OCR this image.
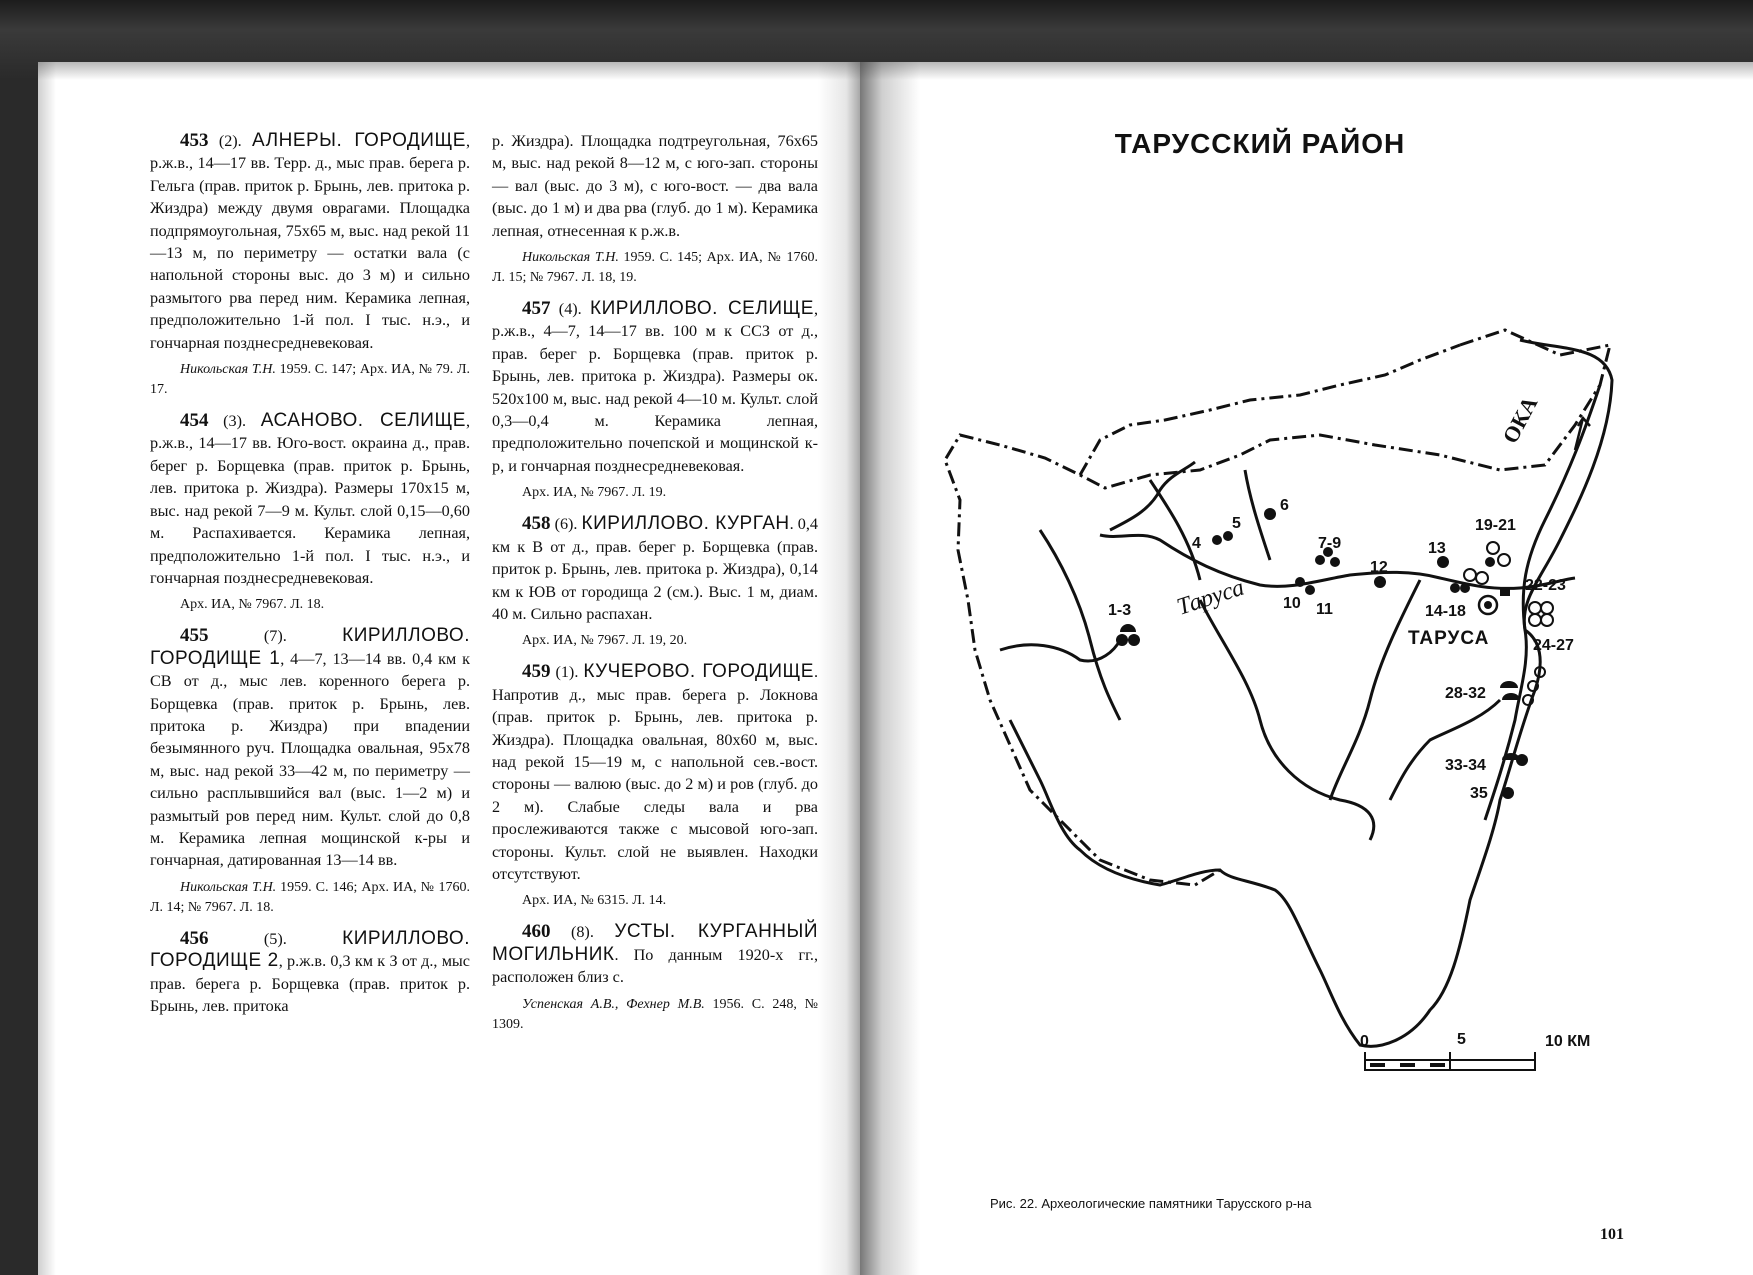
453 (2). АЛНЕРЫ. ГОРОДИЩЕ, р.ж.в., 14—17 вв. Терр. д., мыс прав. берега р. Гельга (прав. приток р. Брынь, лев. притока р. Жиздра) между двумя оврагами. Площадка подпрямоугольная, 75х65 м, выс. над рекой 11—13 м, по периметру — остатки вала (с напольной стороны выс. до 3 м) и сильно размытого рва перед ним. Керамика лепная, предположительно 1-й пол. I тыс. н.э., и гончарная позднесредневековая.
Никольская Т.Н. 1959. С. 147; Арх. ИА, № 79. Л. 17.
454 (3). АСАНОВО. СЕЛИЩЕ, р.ж.в., 14—17 вв. Юго-вост. окраина д., прав. берег р. Борщевка (прав. приток р. Брынь, лев. притока р. Жиздра). Размеры 170х15 м, выс. над рекой 7—9 м. Культ. слой 0,15—0,60 м. Распахивается. Керамика лепная, предположительно 1-й пол. I тыс. н.э., и гончарная позднесредневековая.
Арх. ИА, № 7967. Л. 18.
455 (7). КИРИЛЛОВО. ГОРОДИЩЕ 1, 4—7, 13—14 вв. 0,4 км к СВ от д., мыс лев. коренного берега р. Борщевка (прав. приток р. Брынь, лев. притока р. Жиздра) при впадении безымянного руч. Площадка овальная, 95х78 м, выс. над рекой 33—42 м, по периметру — сильно расплывшийся вал (выс. 1—2 м) и размытый ров перед ним. Культ. слой до 0,8 м. Керамика лепная мощинской к-ры и гончарная, датированная 13—14 вв.
Никольская Т.Н. 1959. С. 146; Арх. ИА, № 1760. Л. 14; № 7967. Л. 18.
456 (5). КИРИЛЛОВО. ГОРОДИЩЕ 2, р.ж.в. 0,3 км к З от д., мыс прав. берега р. Борщевка (прав. приток р. Брынь, лев. притока
р. Жиздра). Площадка подтреугольная, 76х65 м, выс. над рекой 8—12 м, с юго-зап. стороны — вал (выс. до 3 м), с юго-вост. — два вала (выс. до 1 м) и два рва (глуб. до 1 м). Керамика лепная, отнесенная к р.ж.в.
Никольская Т.Н. 1959. С. 145; Арх. ИА, № 1760. Л. 15; № 7967. Л. 18, 19.
457 (4). КИРИЛЛОВО. СЕЛИЩЕ, р.ж.в., 4—7, 14—17 вв. 100 м к ССЗ от д., прав. берег р. Борщевка (прав. приток р. Брынь, лев. притока р. Жиздра). Размеры ок. 520х100 м, выс. над рекой 4—10 м. Культ. слой 0,3—0,4 м. Керамика лепная, предположительно почепской и мощинской к-р, и гончарная позднесредневековая.
Арх. ИА, № 7967. Л. 19.
458 (6). КИРИЛЛОВО. КУРГАН. 0,4 км к В от д., прав. берег р. Борщевка (прав. приток р. Брынь, лев. притока р. Жиздра), 0,14 км к ЮВ от городища 2 (см.). Выс. 1 м, диам. 40 м. Сильно распахан.
Арх. ИА, № 7967. Л. 19, 20.
459 (1). КУЧЕРОВО. ГОРОДИЩЕ. Напротив д., мыс прав. берега р. Локнова (прав. приток р. Брынь, лев. притока р. Жиздра). Площадка овальная, 80х60 м, выс. над рекой 15—19 м, с напольной сев.-вост. стороны — валюю (выс. до 2 м) и ров (глуб. до 2 м). Слабые следы вала и рва прослеживаются также с мысовой юго-зап. стороны. Культ. слой не выявлен. Находки отсутствуют.
Арх. ИА, № 6315. Л. 14.
460 (8). УСТЫ. КУРГАННЫЙ МОГИЛЬНИК. По данным 1920-х гг., расположен близ с.
Успенская А.В., Фехнер М.В. 1956. С. 248, № 1309.
ТАРУССКИЙ РАЙОН
ОКА
Таруса
1-3
4
5
6
7-9
10 11
12
13
14-18
19-21
22-23
24-27
28-32
33-34
35
ТАРУСА
0	5	10 КМ
Рис. 22. Археологические памятники Тарусского р-на
101
